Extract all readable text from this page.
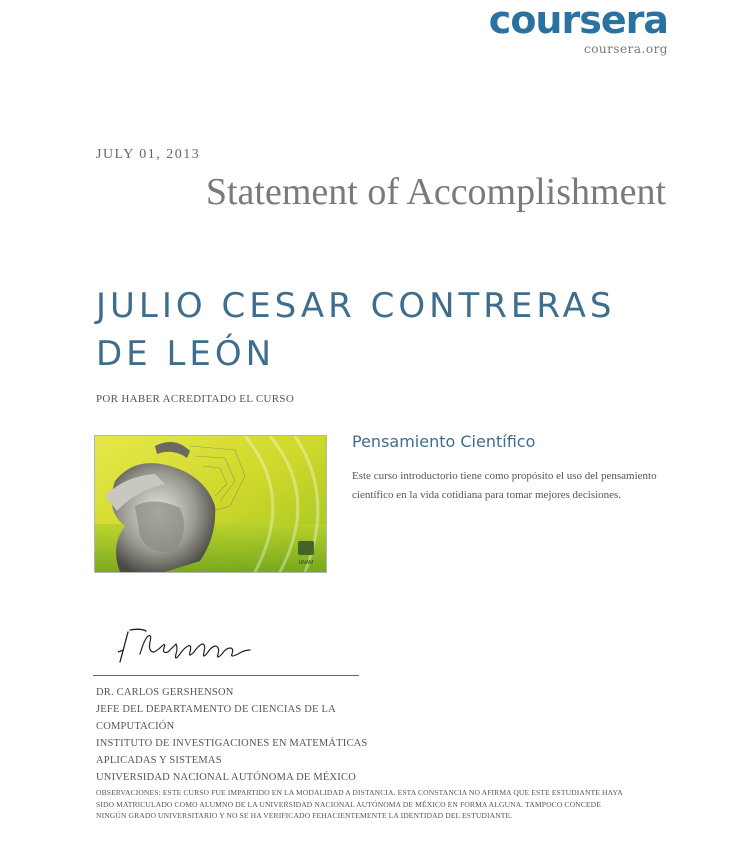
coursera
coursera.org
JULY 01, 2013
Statement of Accomplishment
JULIO CESAR CONTRERAS
DE LEÓN
POR HABER ACREDITADO EL CURSO
UNAM
Pensamiento Científico
Este curso introductorio tiene como propósito el uso del pensamiento científico en la vida cotidiana para tomar mejores decisiones.
DR. CARLOS GERSHENSON
JEFE DEL DEPARTAMENTO DE CIENCIAS DE LA
COMPUTACIÓN
INSTITUTO DE INVESTIGACIONES EN MATEMÁTICAS
APLICADAS Y SISTEMAS
UNIVERSIDAD NACIONAL AUTÓNOMA DE MÉXICO
OBSERVACIONES: ESTE CURSO FUE IMPARTIDO EN LA MODALIDAD A DISTANCIA. ESTA CONSTANCIA NO AFIRMA QUE ESTE ESTUDIANTE HAYA
SIDO MATRICULADO COMO ALUMNO DE LA UNIVERSIDAD NACIONAL AUTÓNOMA DE MÉXICO EN FORMA ALGUNA. TAMPOCO CONCEDE
NINGÚN GRADO UNIVERSITARIO Y NO SE HA VERIFICADO FEHACIENTEMENTE LA IDENTIDAD DEL ESTUDIANTE.
